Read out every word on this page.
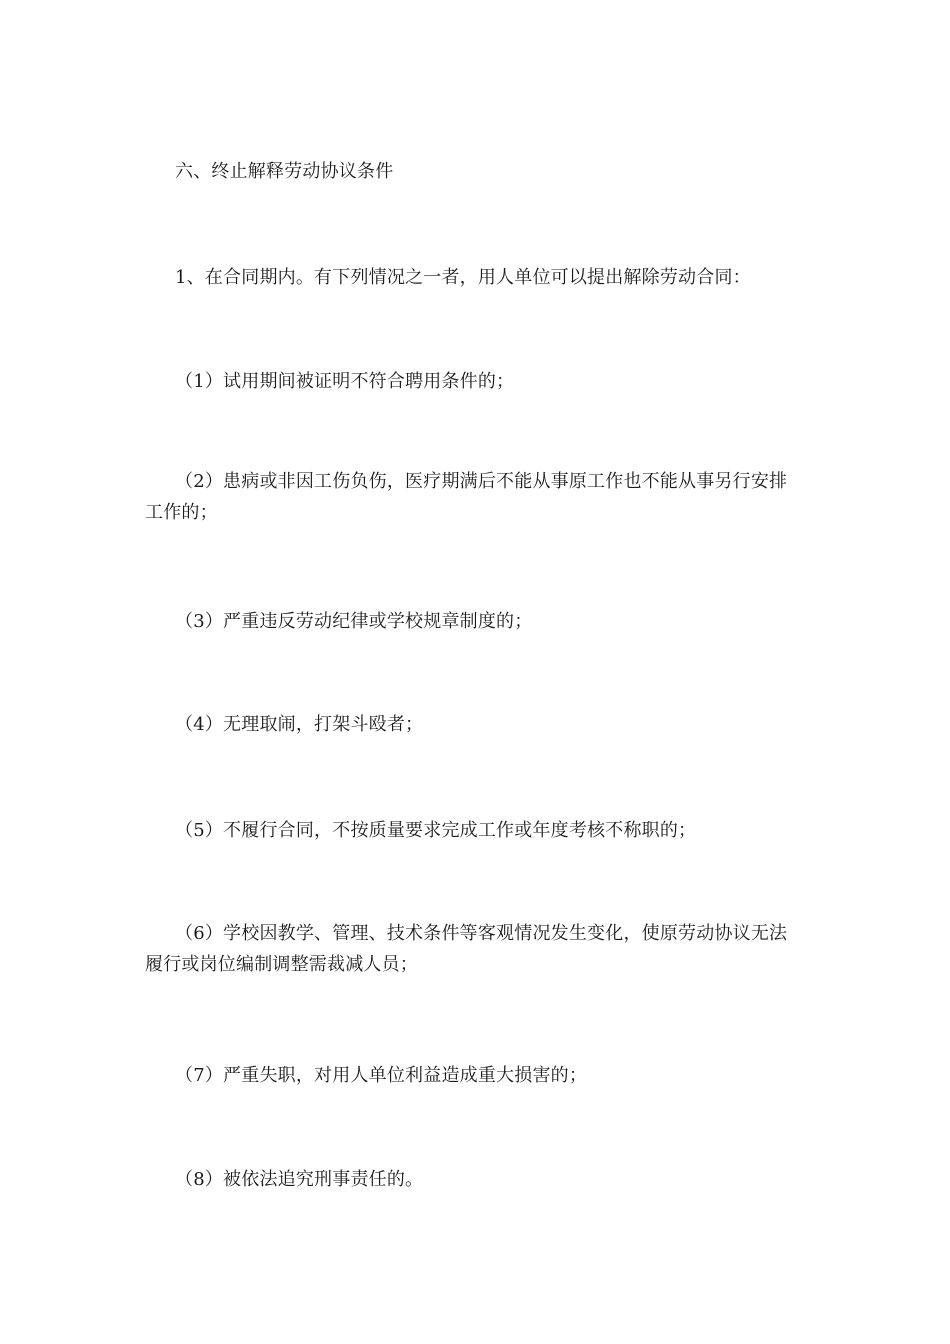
六、终止解释劳动协议条件

1、在合同期内。有下列情况之一者，用人单位可以提出解除劳动合同：

（1）试用期间被证明不符合聘用条件的；

（2）患病或非因工伤负伤，医疗期满后不能从事原工作也不能从事另行安排工作的；

（3）严重违反劳动纪律或学校规章制度的；

（4）无理取闹，打架斗殴者；

（5）不履行合同，不按质量要求完成工作或年度考核不称职的；

（6）学校因教学、管理、技术条件等客观情况发生变化，使原劳动协议无法履行或岗位编制调整需裁减人员；

（7）严重失职，对用人单位利益造成重大损害的；

（8）被依法追究刑事责任的。
